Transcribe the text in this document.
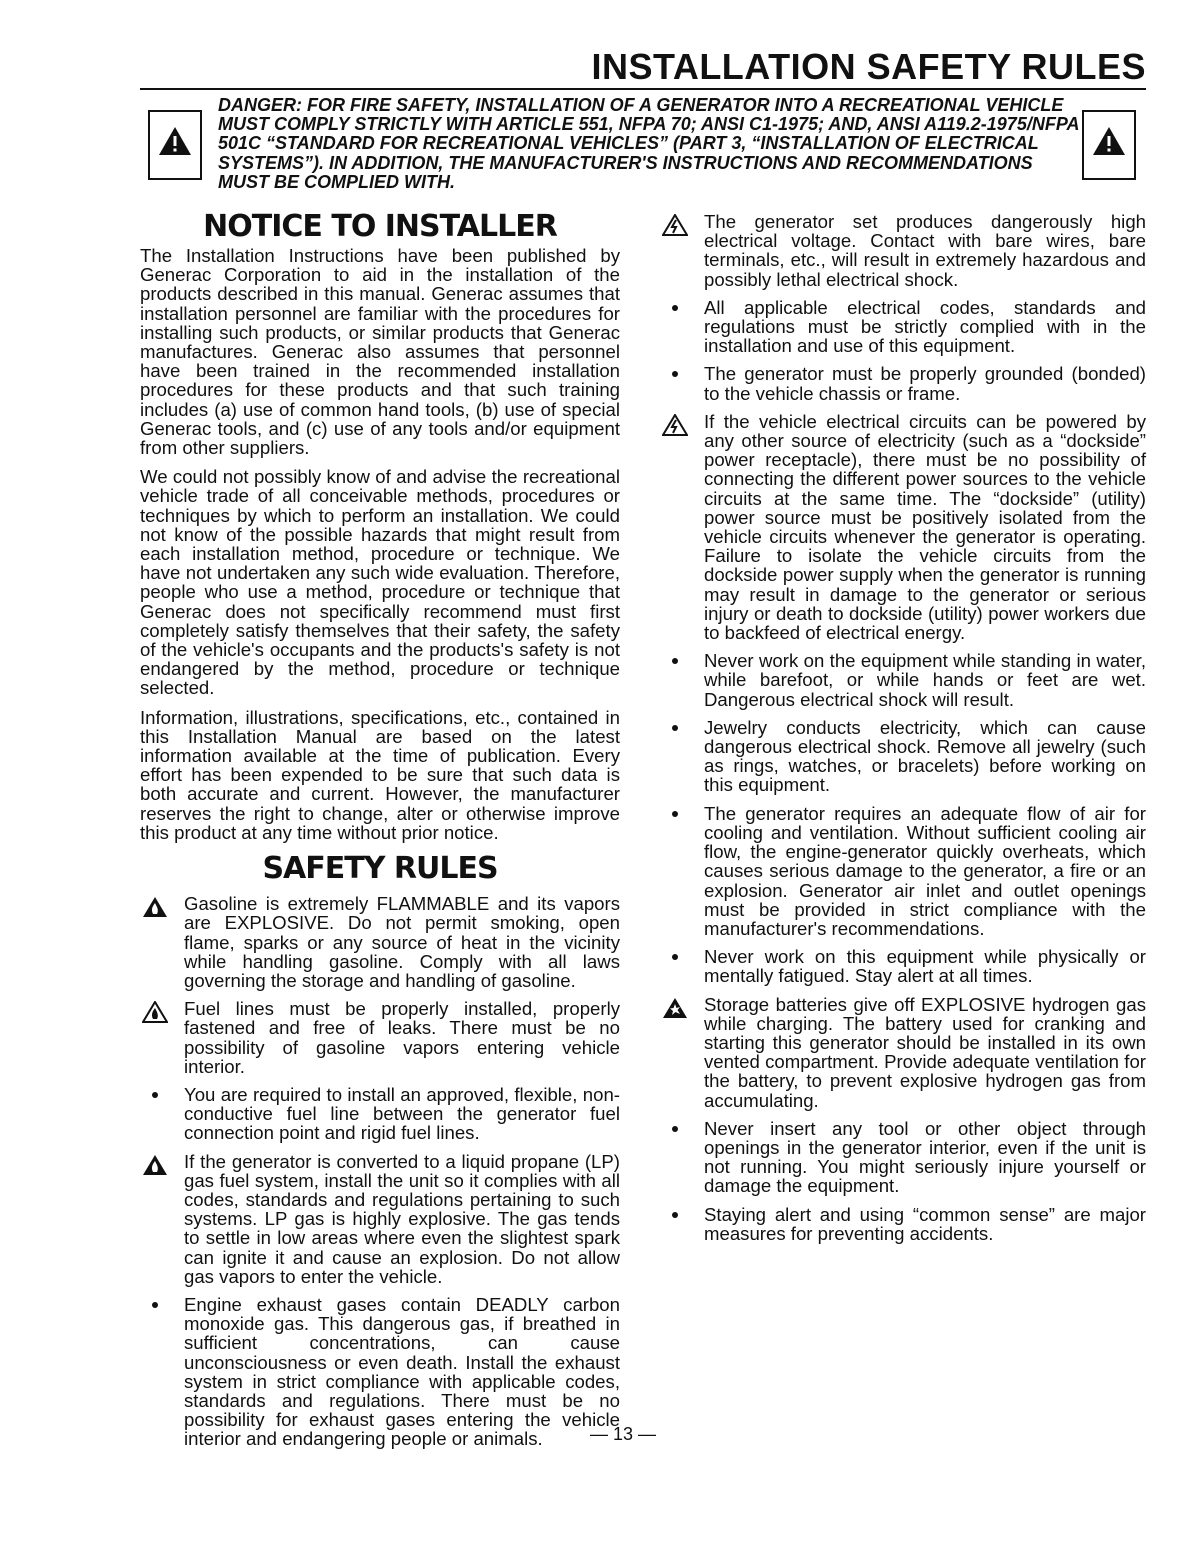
INSTALLATION SAFETY RULES
DANGER: FOR FIRE SAFETY, INSTALLATION OF A GENERATOR INTO A RECREATIONAL VEHICLE MUST COMPLY STRICTLY WITH ARTICLE 551, NFPA 70; ANSI C1-1975; AND, ANSI A119.2-1975/NFPA 501C “STANDARD FOR RECREATIONAL VEHICLES” (PART 3, “INSTALLATION OF ELECTRICAL SYSTEMS”). IN ADDITION, THE MANUFACTURER'S INSTRUCTIONS AND RECOMMENDATIONS MUST BE COMPLIED WITH.
NOTICE TO INSTALLER

The Installation Instructions have been published by Generac Corporation to aid in the installation of the products described in this manual. Generac assumes that installation personnel are familiar with the procedures for installing such products, or similar products that Generac manufactures. Generac also assumes that personnel have been trained in the recommended installation procedures for these products and that such training includes (a) use of common hand tools, (b) use of special Generac tools, and (c) use of any tools and/or equipment from other suppliers.

We could not possibly know of and advise the recreational vehicle trade of all conceivable methods, procedures or techniques by which to perform an installation. We could not know of the possible hazards that might result from each installation method, procedure or technique. We have not undertaken any such wide evaluation. Therefore, people who use a method, procedure or technique that Generac does not specifically recommend must first completely satisfy themselves that their safety, the safety of the vehicle's occupants and the products's safety is not endangered by the method, procedure or technique selected.

Information, illustrations, specifications, etc., contained in this Installation Manual are based on the latest information available at the time of publication. Every effort has been expended to be sure that such data is both accurate and current. However, the manufacturer reserves the right to change, alter or otherwise improve this product at any time without prior notice.

SAFETY RULES
Gasoline is extremely FLAMMABLE and its vapors are EXPLOSIVE. Do not permit smoking, open flame, sparks or any source of heat in the vicinity while handling gasoline. Comply with all laws governing the storage and handling of gasoline.
Fuel lines must be properly installed, properly fastened and free of leaks. There must be no possibility of gasoline vapors entering vehicle interior.
You are required to install an approved, flexible, non-conductive fuel line between the generator fuel connection point and rigid fuel lines.
If the generator is converted to a liquid propane (LP) gas fuel system, install the unit so it complies with all codes, standards and regulations pertaining to such systems. LP gas is highly explosive. The gas tends to settle in low areas where even the slightest spark can ignite it and cause an explosion. Do not allow gas vapors to enter the vehicle.
Engine exhaust gases contain DEADLY carbon monoxide gas. This dangerous gas, if breathed in sufficient concentrations, can cause unconsciousness or even death. Install the exhaust system in strict compliance with applicable codes, standards and regulations. There must be no possibility for exhaust gases entering the vehicle interior and endangering people or animals.
The generator set produces dangerously high electrical voltage. Contact with bare wires, bare terminals, etc., will result in extremely hazardous and possibly lethal electrical shock.
All applicable electrical codes, standards and regulations must be strictly complied with in the installation and use of this equipment.
The generator must be properly grounded (bonded) to the vehicle chassis or frame.
If the vehicle electrical circuits can be powered by any other source of electricity (such as a “dockside” power receptacle), there must be no possibility of connecting the different power sources to the vehicle circuits at the same time. The “dockside” (utility) power source must be positively isolated from the vehicle circuits whenever the generator is operating. Failure to isolate the vehicle circuits from the dockside power supply when the generator is running may result in damage to the generator or serious injury or death to dockside (utility) power workers due to backfeed of electrical energy.
Never work on the equipment while standing in water, while barefoot, or while hands or feet are wet. Dangerous electrical shock will result.
Jewelry conducts electricity, which can cause dangerous electrical shock. Remove all jewelry (such as rings, watches, or bracelets) before working on this equipment.
The generator requires an adequate flow of air for cooling and ventilation. Without sufficient cooling air flow, the engine-generator quickly overheats, which causes serious damage to the generator, a fire or an explosion. Generator air inlet and outlet openings must be provided in strict compliance with the manufacturer's recommendations.
Never work on this equipment while physically or mentally fatigued. Stay alert at all times.
Storage batteries give off EXPLOSIVE hydrogen gas while charging. The battery used for cranking and starting this generator should be installed in its own vented compartment. Provide adequate ventilation for the battery, to prevent explosive hydrogen gas from accumulating.
Never insert any tool or other object through openings in the generator interior, even if the unit is not running. You might seriously injure yourself or damage the equipment.
Staying alert and using “common sense” are major measures for preventing accidents.
— 13 —
